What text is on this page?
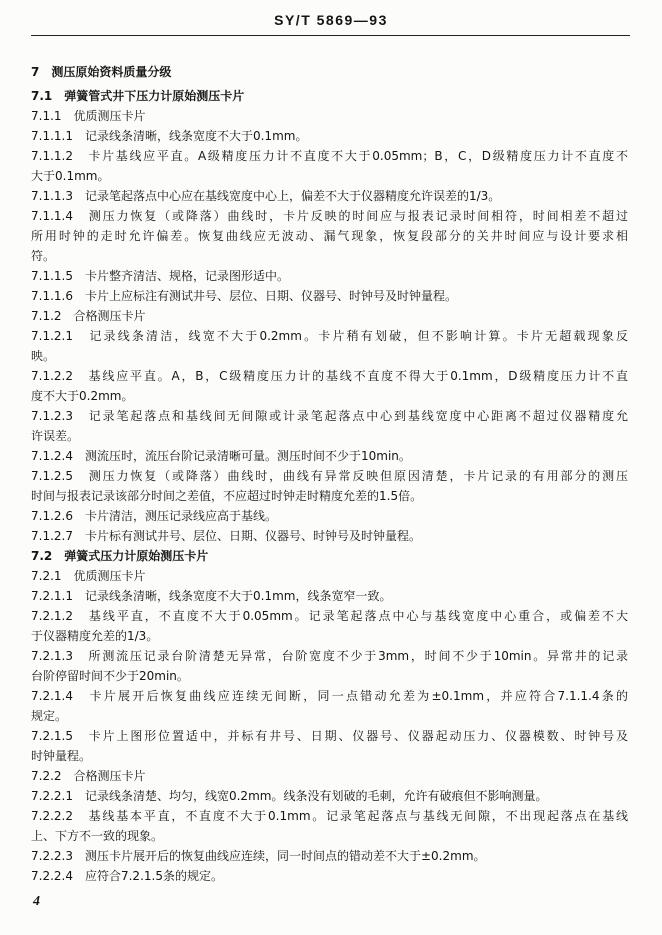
SY/T 5869—93
7　测压原始资料质量分级
7.1　弹簧管式井下压力计原始测压卡片
7.1.1　优质测压卡片
7.1.1.1　记录线条清晰，线条宽度不大于0.1mm。
7.1.1.2　卡片基线应平直。A级精度压力计不直度不大于0.05mm；B，C，D级精度压力计不直度不
大于0.1mm。
7.1.1.3　记录笔起落点中心应在基线宽度中心上，偏差不大于仪器精度允许误差的1/3。
7.1.1.4　测压力恢复（或降落）曲线时，卡片反映的时间应与报表记录时间相符，时间相差不超过
所用时钟的走时允许偏差。恢复曲线应无波动、漏气现象，恢复段部分的关井时间应与设计要求相
符。
7.1.1.5　卡片整齐清洁、规格，记录图形适中。
7.1.1.6　卡片上应标注有测试井号、层位、日期、仪器号、时钟号及时钟量程。
7.1.2　合格测压卡片
7.1.2.1　记录线条清洁，线宽不大于0.2mm。卡片稍有划破，但不影响计算。卡片无超载现象反
映。
7.1.2.2　基线应平直。A，B，C级精度压力计的基线不直度不得大于0.1mm，D级精度压力计不直
度不大于0.2mm。
7.1.2.3　记录笔起落点和基线间无间隙或计录笔起落点中心到基线宽度中心距离不超过仪器精度允
许误差。
7.1.2.4　测流压时，流压台阶记录清晰可量。测压时间不少于10min。
7.1.2.5　测压力恢复（或降落）曲线时，曲线有异常反映但原因清楚，卡片记录的有用部分的测压
时间与报表记录该部分时间之差值，不应超过时钟走时精度允差的1.5倍。
7.1.2.6　卡片清洁，测压记录线应高于基线。
7.1.2.7　卡片标有测试井号、层位、日期、仪器号、时钟号及时钟量程。
7.2　弹簧式压力计原始测压卡片
7.2.1　优质测压卡片
7.2.1.1　记录线条清晰，线条宽度不大于0.1mm，线条宽窄一致。
7.2.1.2　基线平直，不直度不大于0.05mm。记录笔起落点中心与基线宽度中心重合，或偏差不大
于仪器精度允差的1/3。
7.2.1.3　所测流压记录台阶清楚无异常，台阶宽度不少于3mm，时间不少于10min。异常井的记录
台阶停留时间不少于20min。
7.2.1.4　卡片展开后恢复曲线应连续无间断，同一点错动允差为±0.1mm，并应符合7.1.1.4条的
规定。
7.2.1.5　卡片上图形位置适中，并标有井号、日期、仪器号、仪器起动压力、仪器模数、时钟号及
时钟量程。
7.2.2　合格测压卡片
7.2.2.1　记录线条清楚、均匀，线宽0.2mm。线条没有划破的毛刺，允许有破痕但不影响测量。
7.2.2.2　基线基本平直，不直度不大于0.1mm。记录笔起落点与基线无间隙，不出现起落点在基线
上、下方不一致的现象。
7.2.2.3　测压卡片展开后的恢复曲线应连续，同一时间点的错动差不大于±0.2mm。
7.2.2.4　应符合7.2.1.5条的规定。
4
